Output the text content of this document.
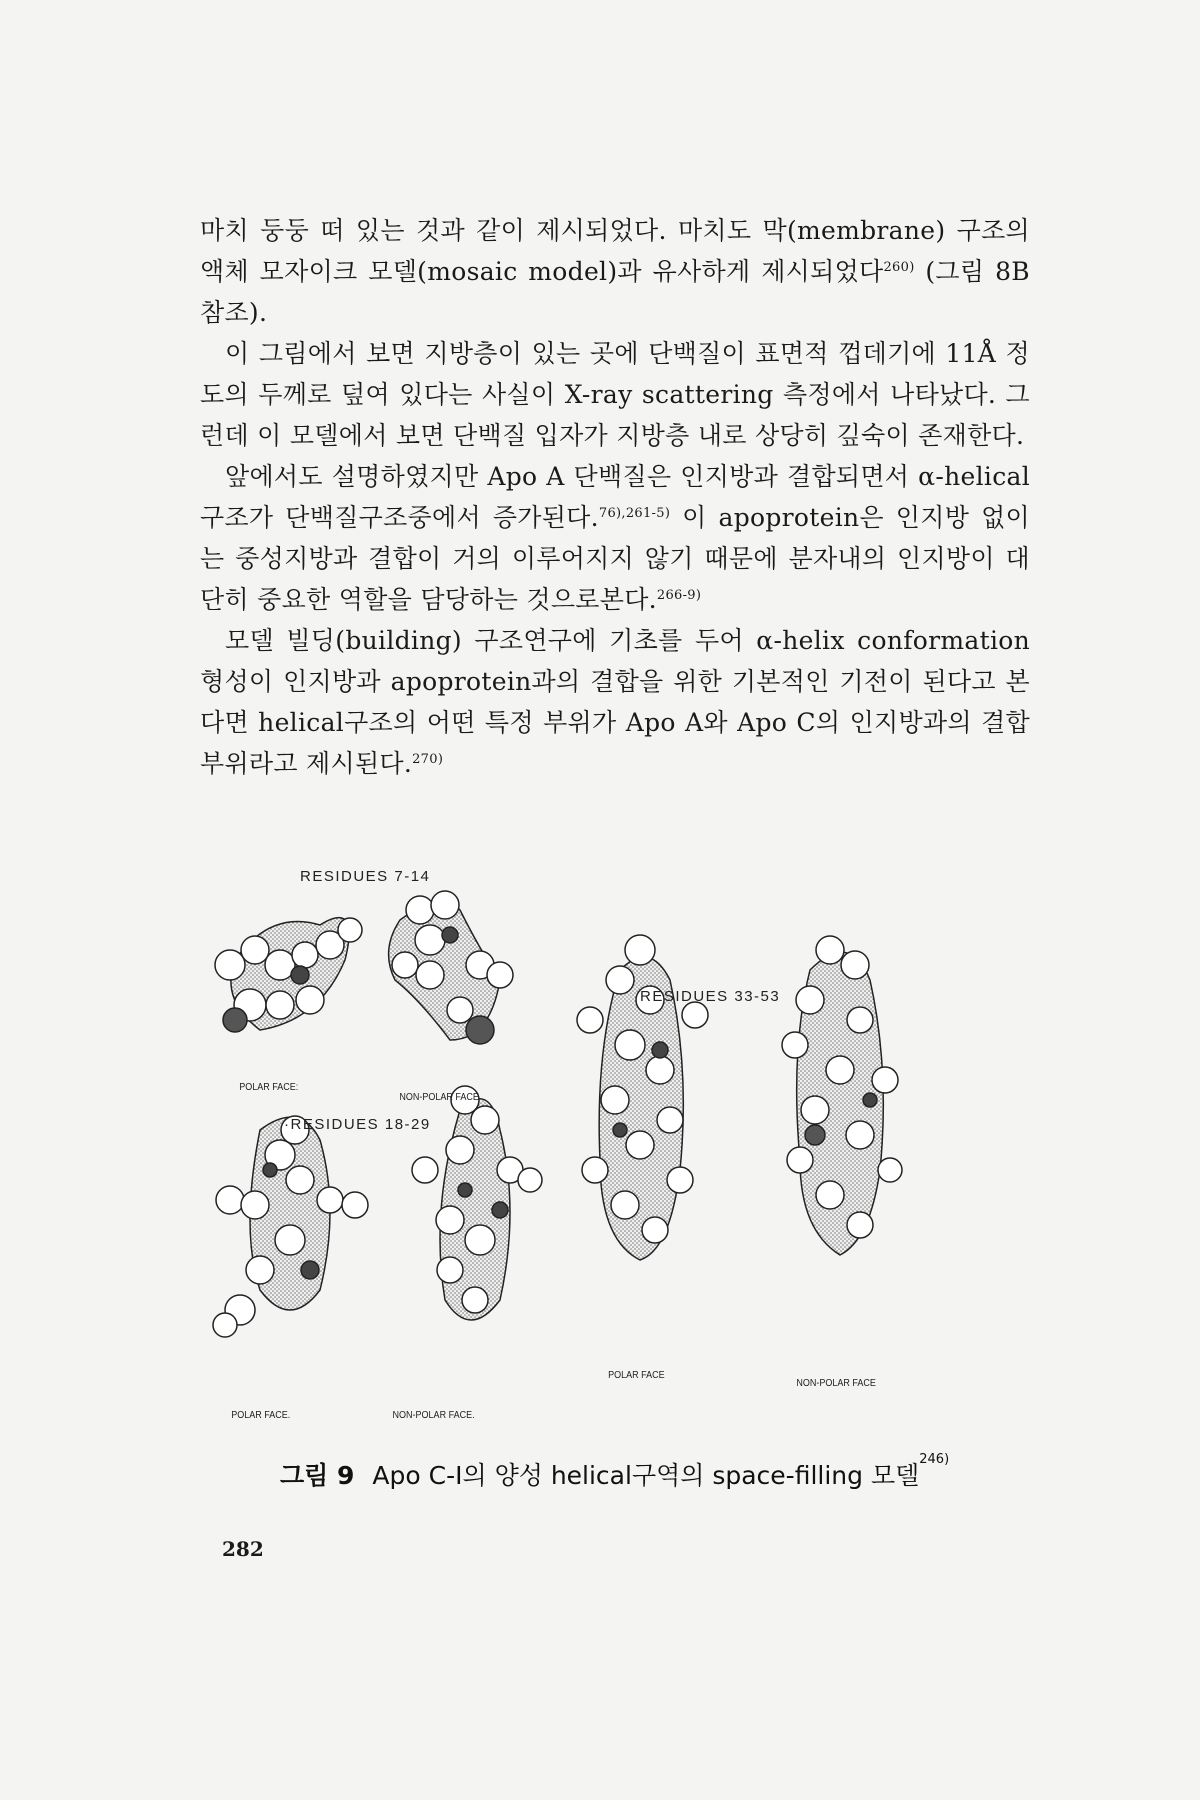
마치 둥둥 떠 있는 것과 같이 제시되었다. 마치도 막(membrane) 구조의 액체 모자이크 모델(mosaic model)과 유사하게 제시되었다$^{260)}$ (그림 8B 참조).

이 그림에서 보면 지방층이 있는 곳에 단백질이 표면적 껍데기에 11Å 정도의 두께로 덮여 있다는 사실이 X-ray scattering 측정에서 나타났다. 그런데 이 모델에서 보면 단백질 입자가 지방층 내로 상당히 깊숙이 존재한다.

앞에서도 설명하였지만 Apo A 단백질은 인지방과 결합되면서 α-helical구조가 단백질구조중에서 증가된다.$^{76),261-5)}$ 이 apoprotein은 인지방 없이는 중성지방과 결합이 거의 이루어지지 않기 때문에 분자내의 인지방이 대단히 중요한 역할을 담당하는 것으로본다.$^{266-9)}$

모델 빌딩(building) 구조연구에 기초를 두어 α-helix conformation 형성이 인지방과 apoprotein과의 결합을 위한 기본적인 기전이 된다고 본다면 helical구조의 어떤 특정 부위가 Apo A와 Apo C의 인지방과의 결합부위라고 제시된다.$^{270)}$

RESIDUES 7-14
·RESIDUES 18-29
RESIDUES 33-53
POLAR FACE:
NON-POLAR FACE
POLAR FACE.	NON-POLAR FACE.
POLAR FACE
NON-POLAR FACE
그림 9 Apo C-Ⅰ의 양성 helical구역의 space-filling 모델$^{246)}$
282
